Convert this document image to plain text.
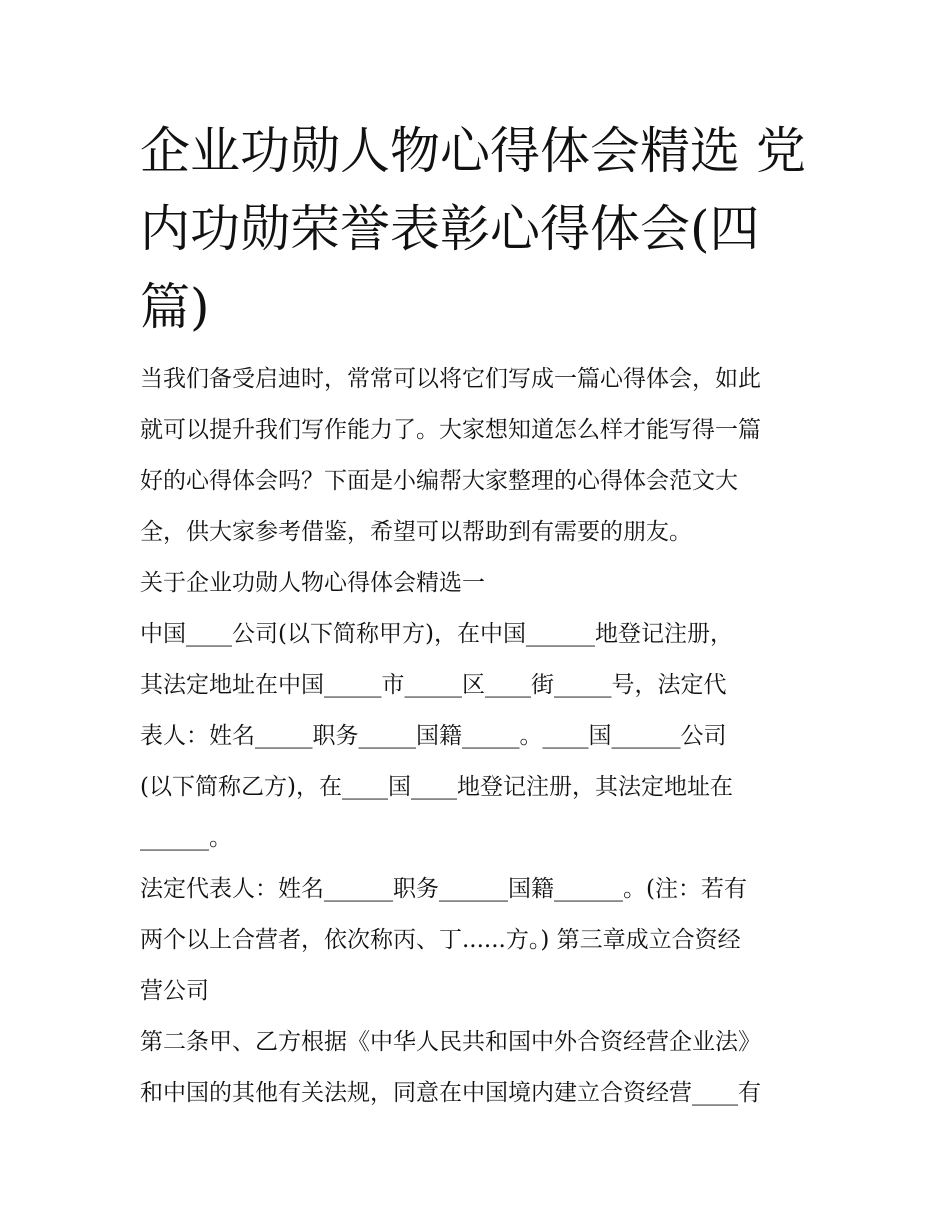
企业功勋人物心得体会精选 党
内功勋荣誉表彰心得体会(四
篇)
当我们备受启迪时，常常可以将它们写成一篇心得体会，如此
就可以提升我们写作能力了。大家想知道怎么样才能写得一篇
好的心得体会吗？下面是小编帮大家整理的心得体会范文大
全，供大家参考借鉴，希望可以帮助到有需要的朋友。
关于企业功勋人物心得体会精选一
中国____公司(以下简称甲方)，在中国______地登记注册，
其法定地址在中国_____市_____区____街_____号，法定代
表人：姓名_____职务_____国籍_____。____国______公司
(以下简称乙方)，在____国____地登记注册，其法定地址在
______。
法定代表人：姓名______职务______国籍______。(注：若有
两个以上合营者，依次称丙、丁......方。) 第三章成立合资经
营公司
第二条甲、乙方根据《中华人民共和国中外合资经营企业法》
和中国的其他有关法规，同意在中国境内建立合资经营____有
